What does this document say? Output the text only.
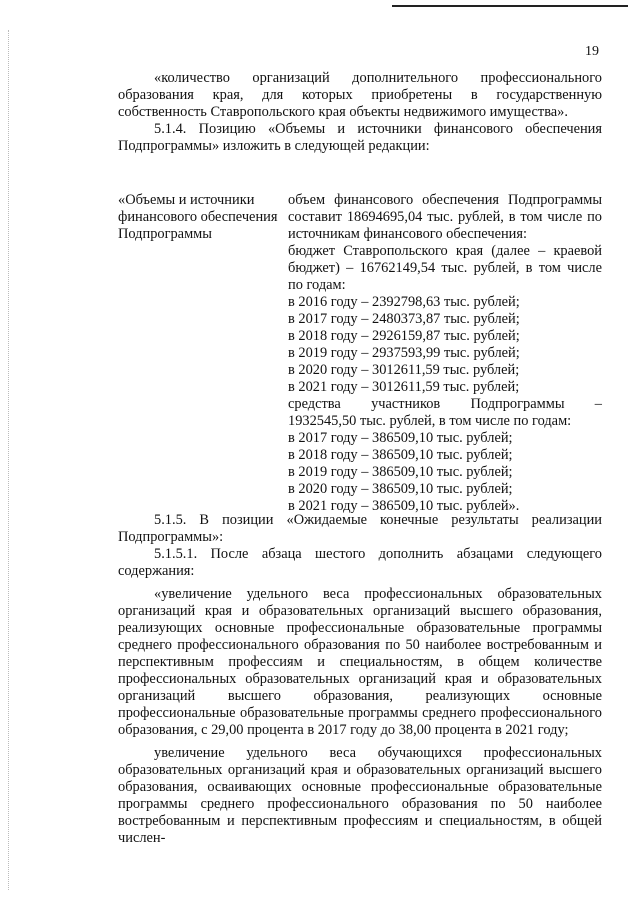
19

«количество организаций дополнительного профессионального образования края, для которых приобретены в государственную собственность Ставропольского края объекты недвижимого имущества».

5.1.4. Позицию «Объемы и источники финансового обеспечения Подпрограммы» изложить в следующей редакции:

«Объемы и источники финансового обеспечения Подпрограммы
объем финансового обеспечения Подпрограммы
составит 18694695,04 тыс. рублей, в том числе по
источникам финансового обеспечения:
бюджет Ставропольского края (далее – краевой
бюджет) – 16762149,54 тыс. рублей, в том числе
по годам:
в 2016 году – 2392798,63 тыс. рублей;
в 2017 году – 2480373,87 тыс. рублей;
в 2018 году – 2926159,87 тыс. рублей;
в 2019 году – 2937593,99 тыс. рублей;
в 2020 году – 3012611,59 тыс. рублей;
в 2021 году – 3012611,59 тыс. рублей;
средства участников Подпрограммы –
1932545,50 тыс. рублей, в том числе по годам:
в 2017 году – 386509,10 тыс. рублей;
в 2018 году – 386509,10 тыс. рублей;
в 2019 году – 386509,10 тыс. рублей;
в 2020 году – 386509,10 тыс. рублей;
в 2021 году – 386509,10 тыс. рублей».

5.1.5. В позиции «Ожидаемые конечные результаты реализации Подпрограммы»:

5.1.5.1. После абзаца шестого дополнить абзацами следующего содержания:

«увеличение удельного веса профессиональных образовательных организаций края и образовательных организаций высшего образования, реализующих основные профессиональные образовательные программы среднего профессионального образования по 50 наиболее востребованным и перспективным профессиям и специальностям, в общем количестве профессиональных образовательных организаций края и образовательных организаций высшего образования, реализующих основные профессиональные образовательные программы среднего профессионального образования, с 29,00 процента в 2017 году до 38,00 процента в 2021 году;

увеличение удельного веса обучающихся профессиональных образовательных организаций края и образовательных организаций высшего образования, осваивающих основные профессиональные образовательные программы среднего профессионального образования по 50 наиболее востребованным и перспективным профессиям и специальностям, в общей числен-
